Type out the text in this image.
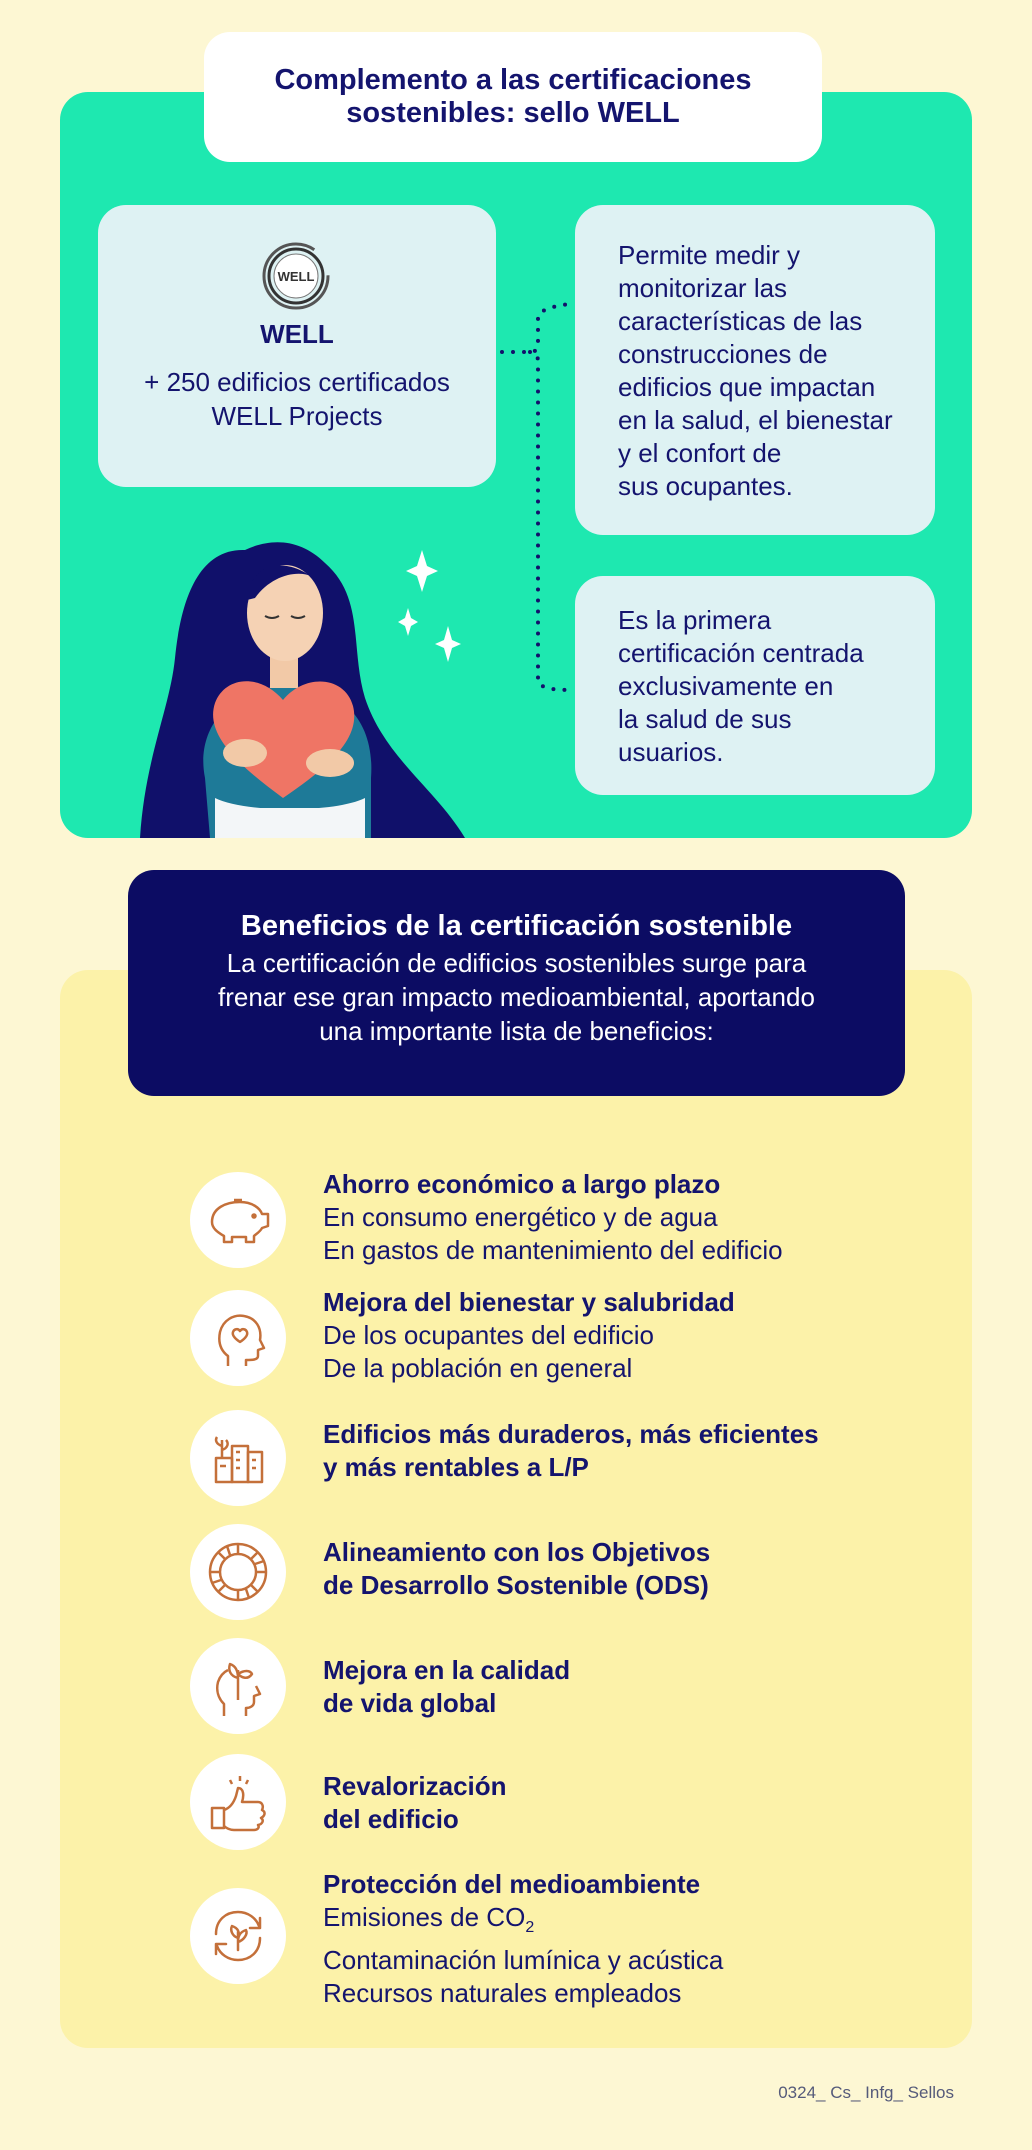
Complemento a las certificaciones
sostenibles: sello WELL
WELL
WELL
+ 250 edificios certificados
WELL Projects
Permite medir y
monitorizar las
características de las
construcciones de
edificios que impactan
en la salud, el bienestar
y el confort de
sus ocupantes.
Es la primera
certificación centrada
exclusivamente en
la salud de sus
usuarios.
Beneficios de la certificación sostenible
La certificación de edificios sostenibles surge para
frenar ese gran impacto medioambiental, aportando
una importante lista de beneficios:
Ahorro económico a largo plazo
En consumo energético y de agua
En gastos de mantenimiento del edificio
Mejora del bienestar y salubridad
De los ocupantes del edificio
De la población en general
Edificios más duraderos, más eficientes
y más rentables a L/P
Alineamiento con los Objetivos
de Desarrollo Sostenible (ODS)
Mejora en la calidad
de vida global
Revalorización
del edificio
Protección del medioambiente
Emisiones de $CO_2$
Contaminación lumínica y acústica
Recursos naturales empleados
0324_ Cs_ Infg_ Sellos
